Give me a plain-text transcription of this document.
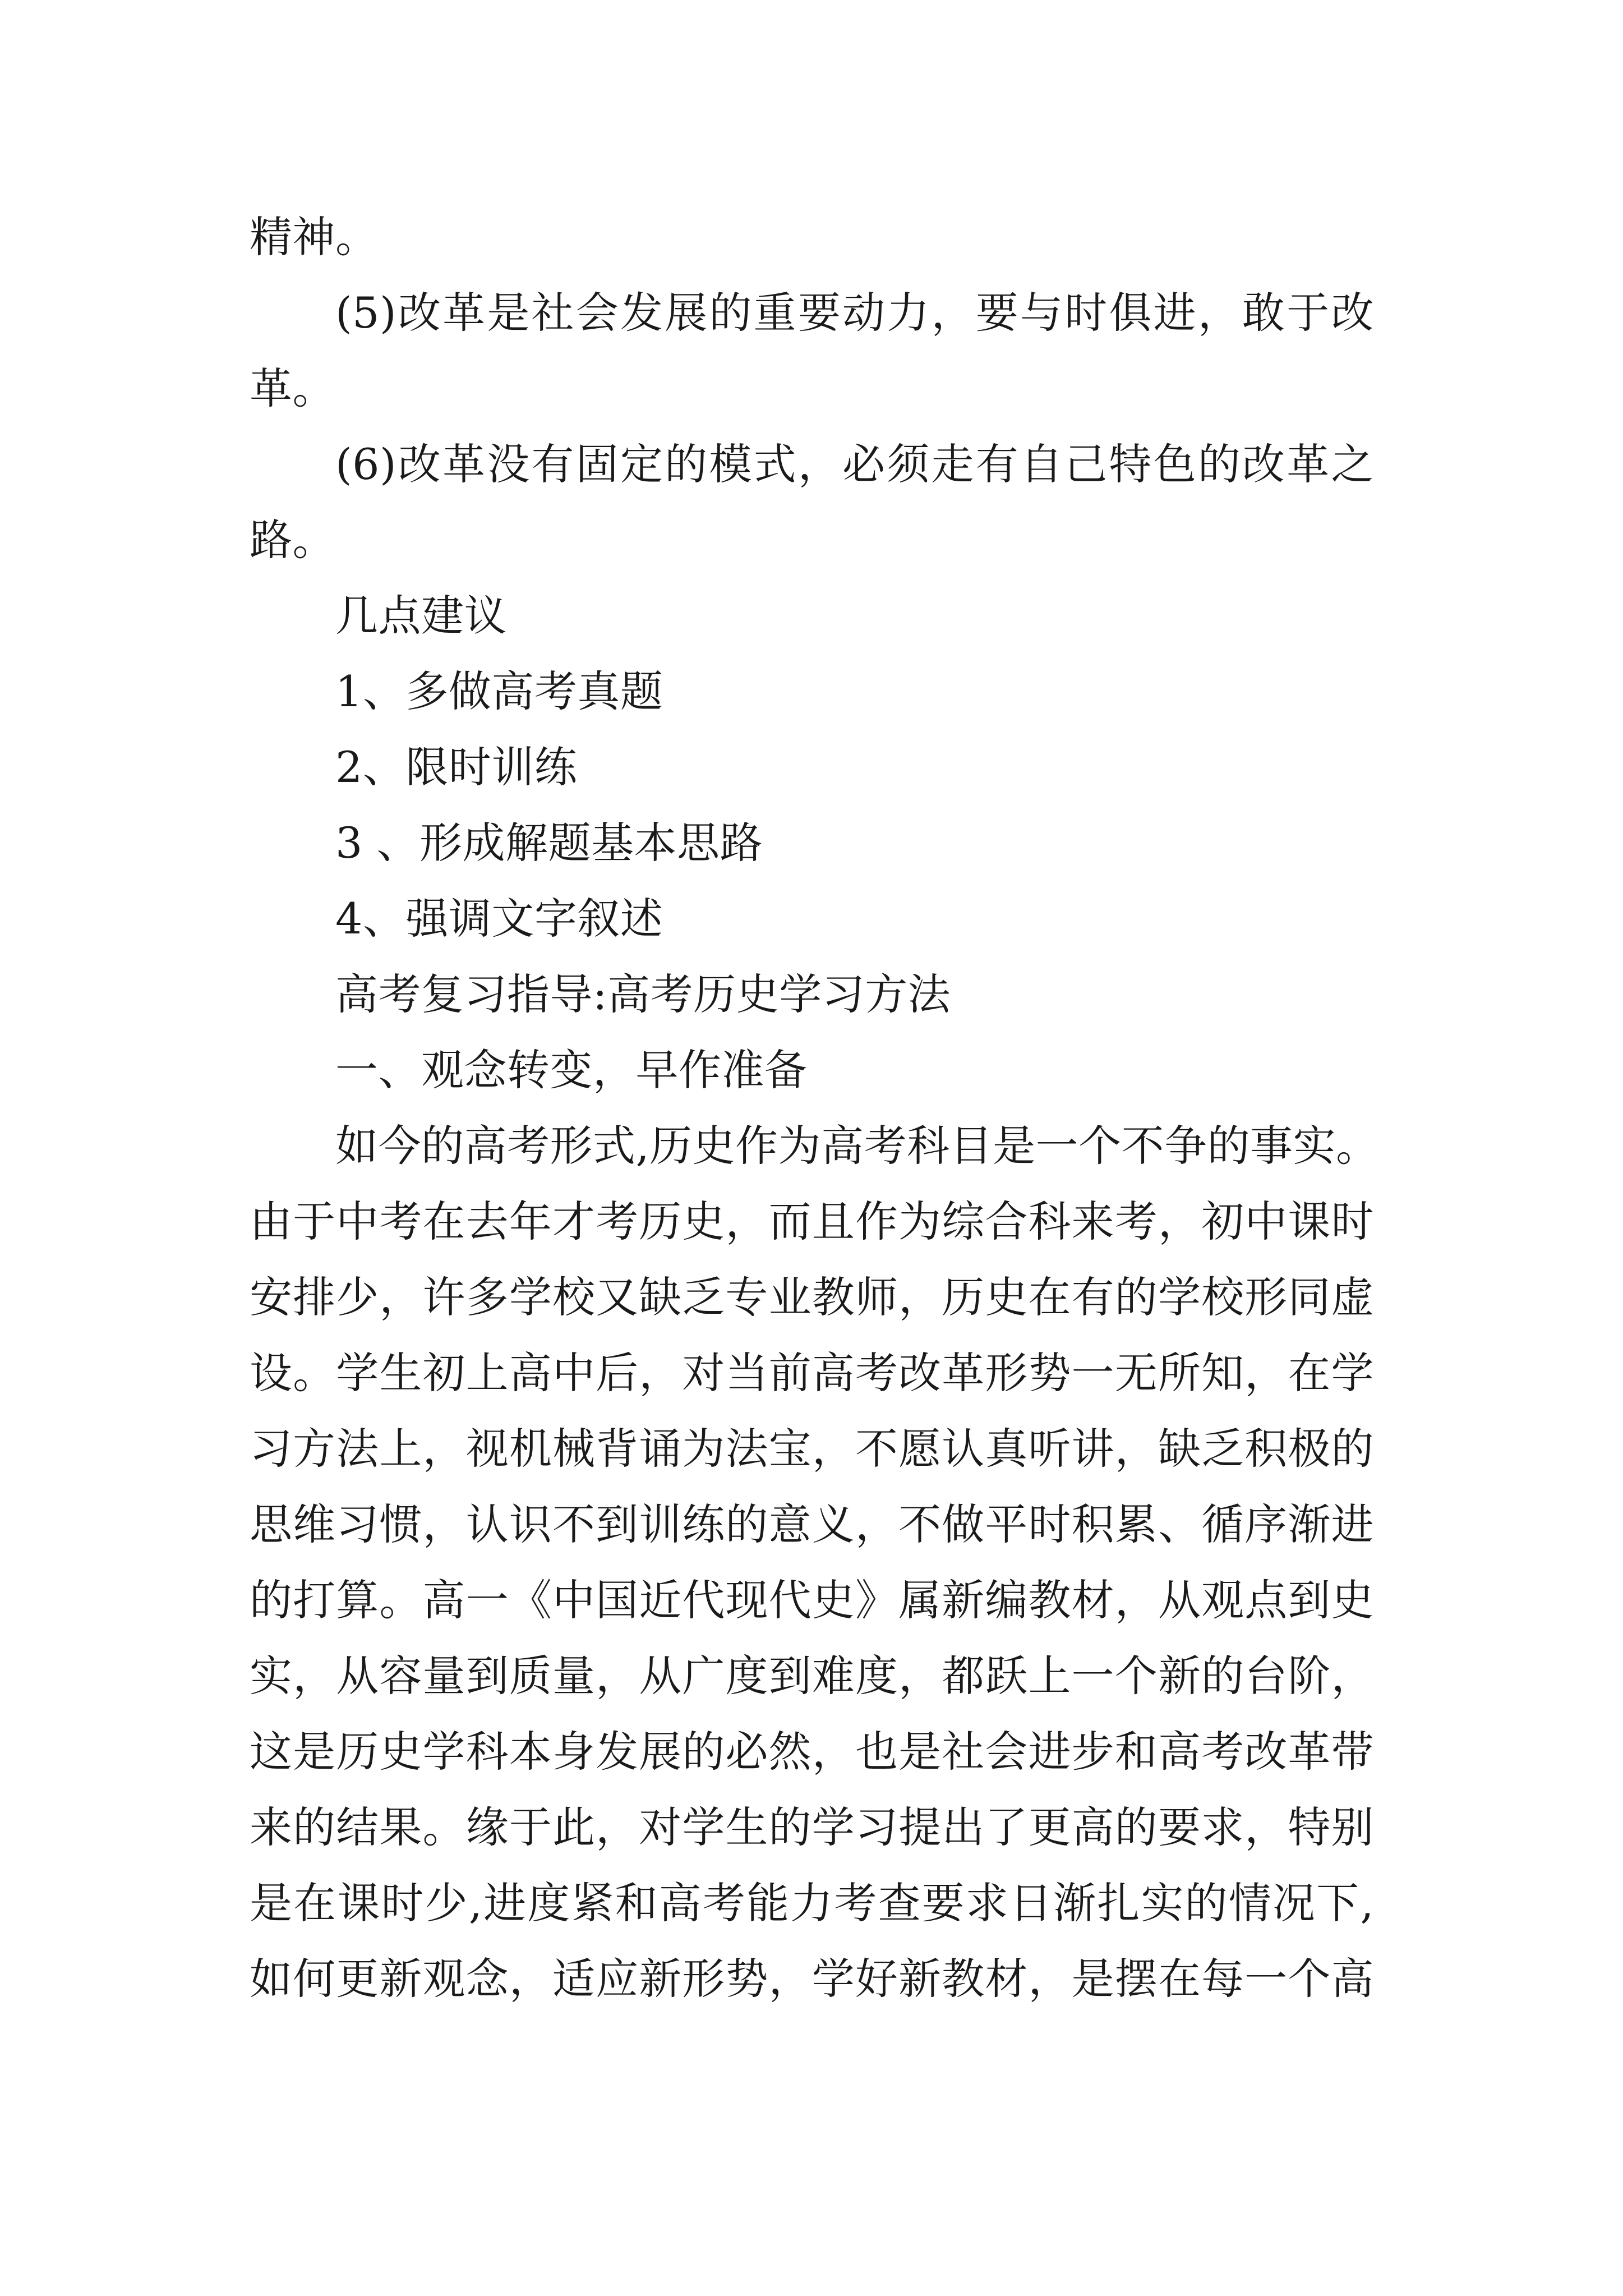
精神。
(5)改革是社会发展的重要动力，要与时俱进，敢于改
革。
(6)改革没有固定的模式，必须走有自己特色的改革之
路。
几点建议
1、多做高考真题
2、限时训练
3 、形成解题基本思路
4、强调文字叙述
高考复习指导:高考历史学习方法
一、观念转变，早作准备
如今的高考形式,历史作为高考科目是一个不争的事实。
由于中考在去年才考历史，而且作为综合科来考，初中课时
安排少，许多学校又缺乏专业教师，历史在有的学校形同虚
设。学生初上高中后，对当前高考改革形势一无所知，在学
习方法上，视机械背诵为法宝，不愿认真听讲，缺乏积极的
思维习惯，认识不到训练的意义，不做平时积累、循序渐进
的打算。高一《中国近代现代史》属新编教材，从观点到史
实，从容量到质量，从广度到难度，都跃上一个新的台阶，
这是历史学科本身发展的必然，也是社会进步和高考改革带
来的结果。缘于此，对学生的学习提出了更高的要求，特别
是在课时少,进度紧和高考能力考查要求日渐扎实的情况下,
如何更新观念，适应新形势，学好新教材，是摆在每一个高
